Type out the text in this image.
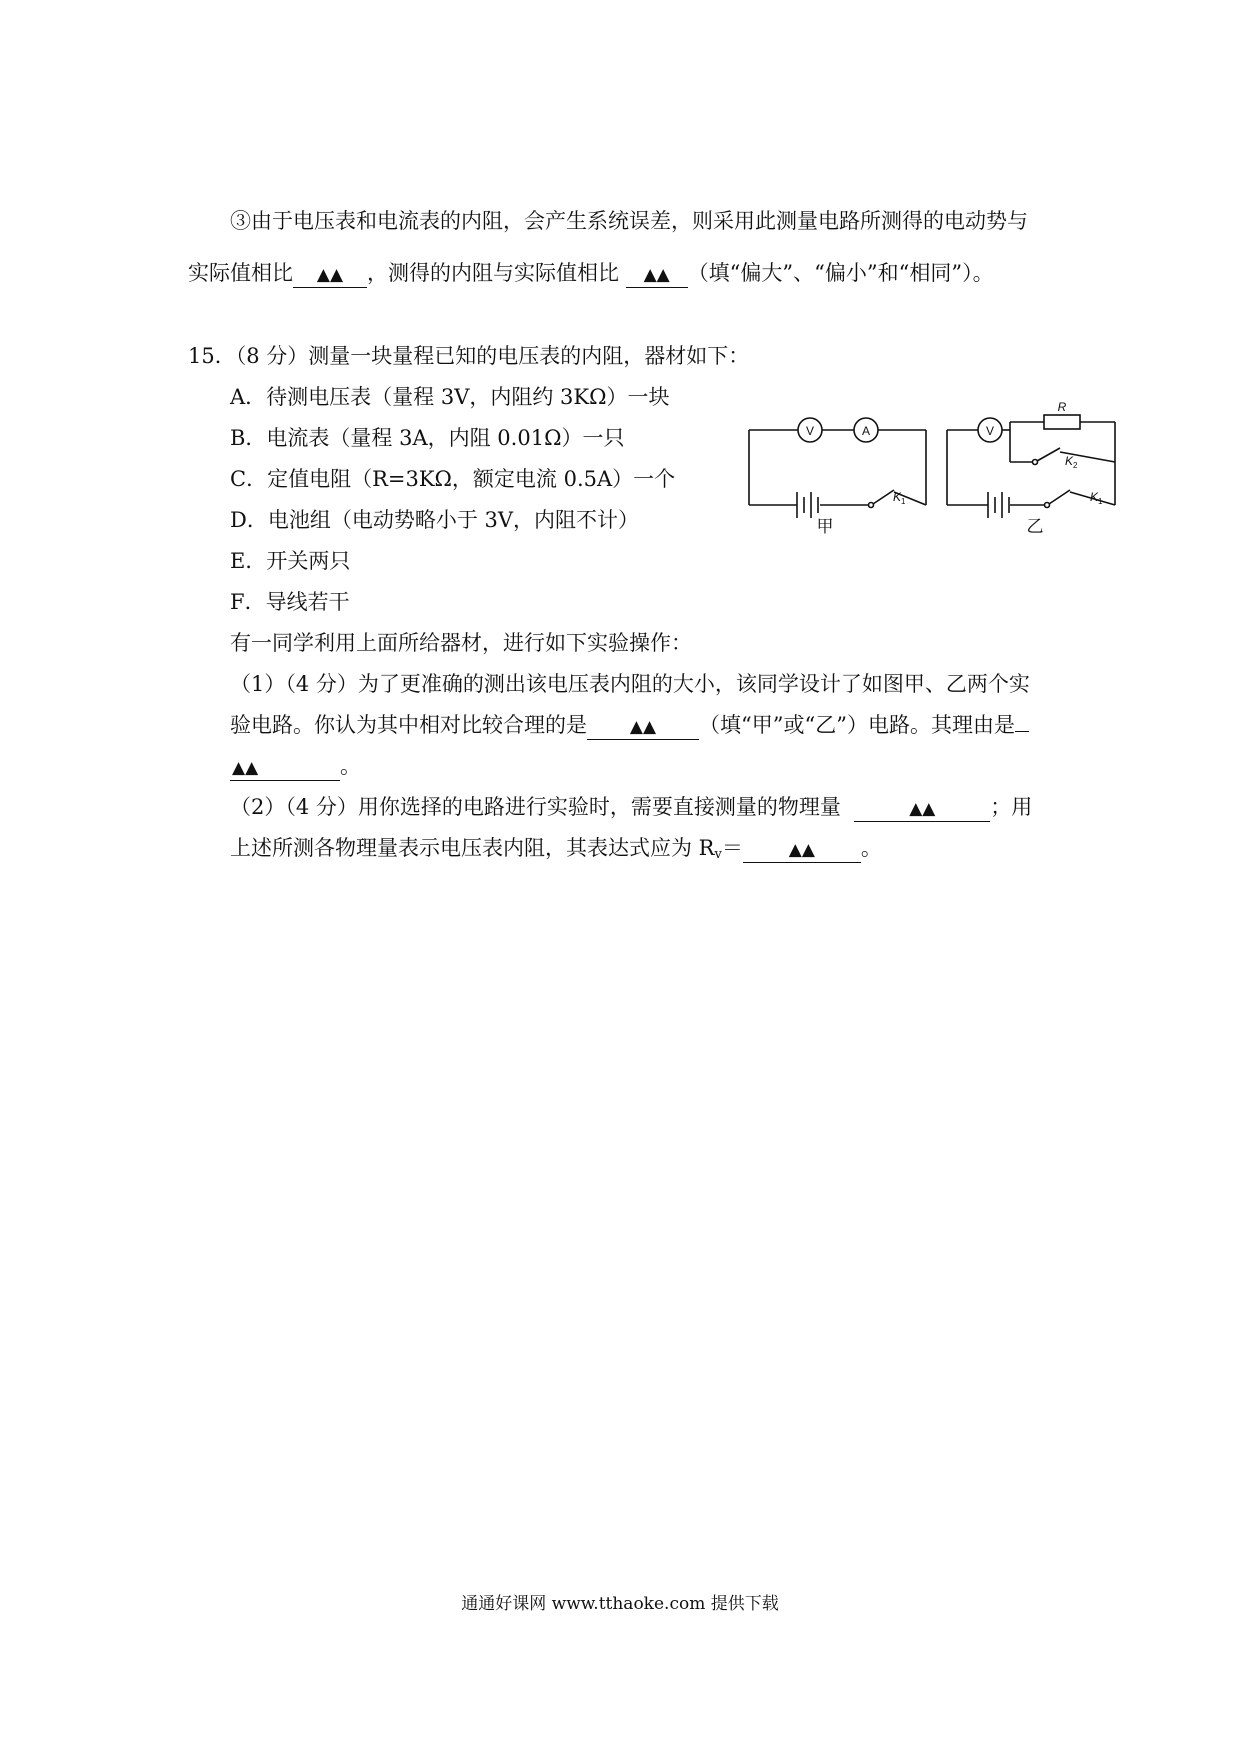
③由于电压表和电流表的内阻，会产生系统误差，则采用此测量电路所测得的电动势与
实际值相比 ▲▲ ，测得的内阻与实际值相比 ▲▲ （填“偏大”、“偏小”和“相同”）。
15．（8 分）测量一块量程已知的电压表的内阻，器材如下：
A．待测电压表（量程 3V，内阻约 3KΩ）一块
B．电流表（量程 3A，内阻 0.01Ω）一只
C．定值电阻（R=3KΩ，额定电流 0.5A）一个
D．电池组（电动势略小于 3V，内阻不计）
E．开关两只
F．导线若干
有一同学利用上面所给器材，进行如下实验操作：
（1）（4 分）为了更准确的测出该电压表内阻的大小，该同学设计了如图甲、乙两个实
验电路。你认为其中相对比较合理的是	▲▲ （填“甲”或“乙”）电路。其理由是
▲▲	。
（2）（4 分）用你选择的电路进行实验时，需要直接测量的物理量	▲▲	；用
上述所测各物理量表示电压表内阻，其表达式应为 $R_v=$	▲▲ 。
V	A
K 1
甲
V
R
K 2
K 1
乙
通通好课网 www.tthaoke.com 提供下载
